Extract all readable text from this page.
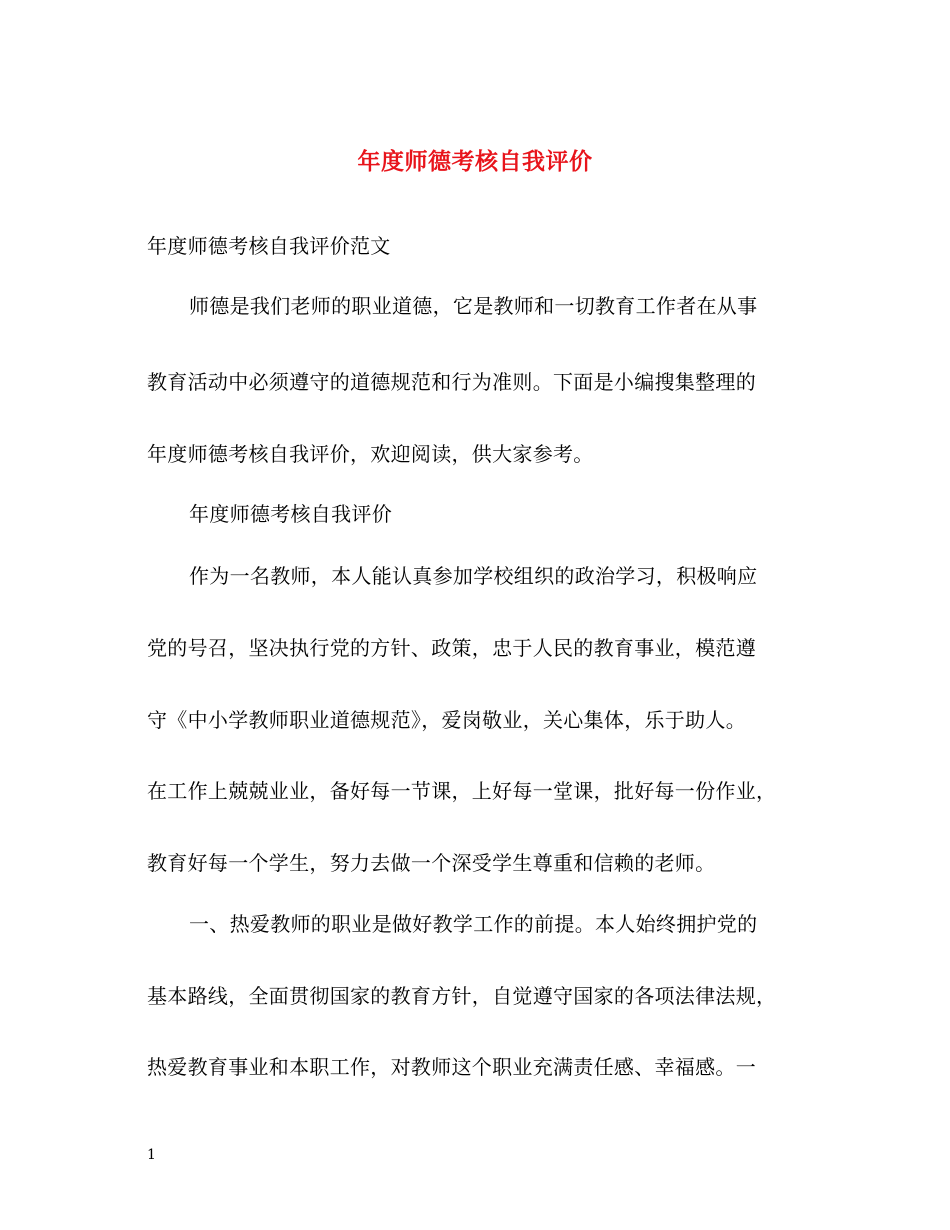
年度师德考核自我评价
年度师德考核自我评价范文
师德是我们老师的职业道德，它是教师和一切教育工作者在从事
教育活动中必须遵守的道德规范和行为准则。下面是小编搜集整理的
年度师德考核自我评价，欢迎阅读，供大家参考。
年度师德考核自我评价
作为一名教师，本人能认真参加学校组织的政治学习，积极响应
党的号召，坚决执行党的方针、政策，忠于人民的教育事业，模范遵
守《中小学教师职业道德规范》，爱岗敬业，关心集体，乐于助人。
在工作上兢兢业业，备好每一节课，上好每一堂课，批好每一份作业，
教育好每一个学生，努力去做一个深受学生尊重和信赖的老师。
一、热爱教师的职业是做好教学工作的前提。本人始终拥护党的
基本路线，全面贯彻国家的教育方针，自觉遵守国家的各项法律法规，
热爱教育事业和本职工作，对教师这个职业充满责任感、幸福感。一
1
